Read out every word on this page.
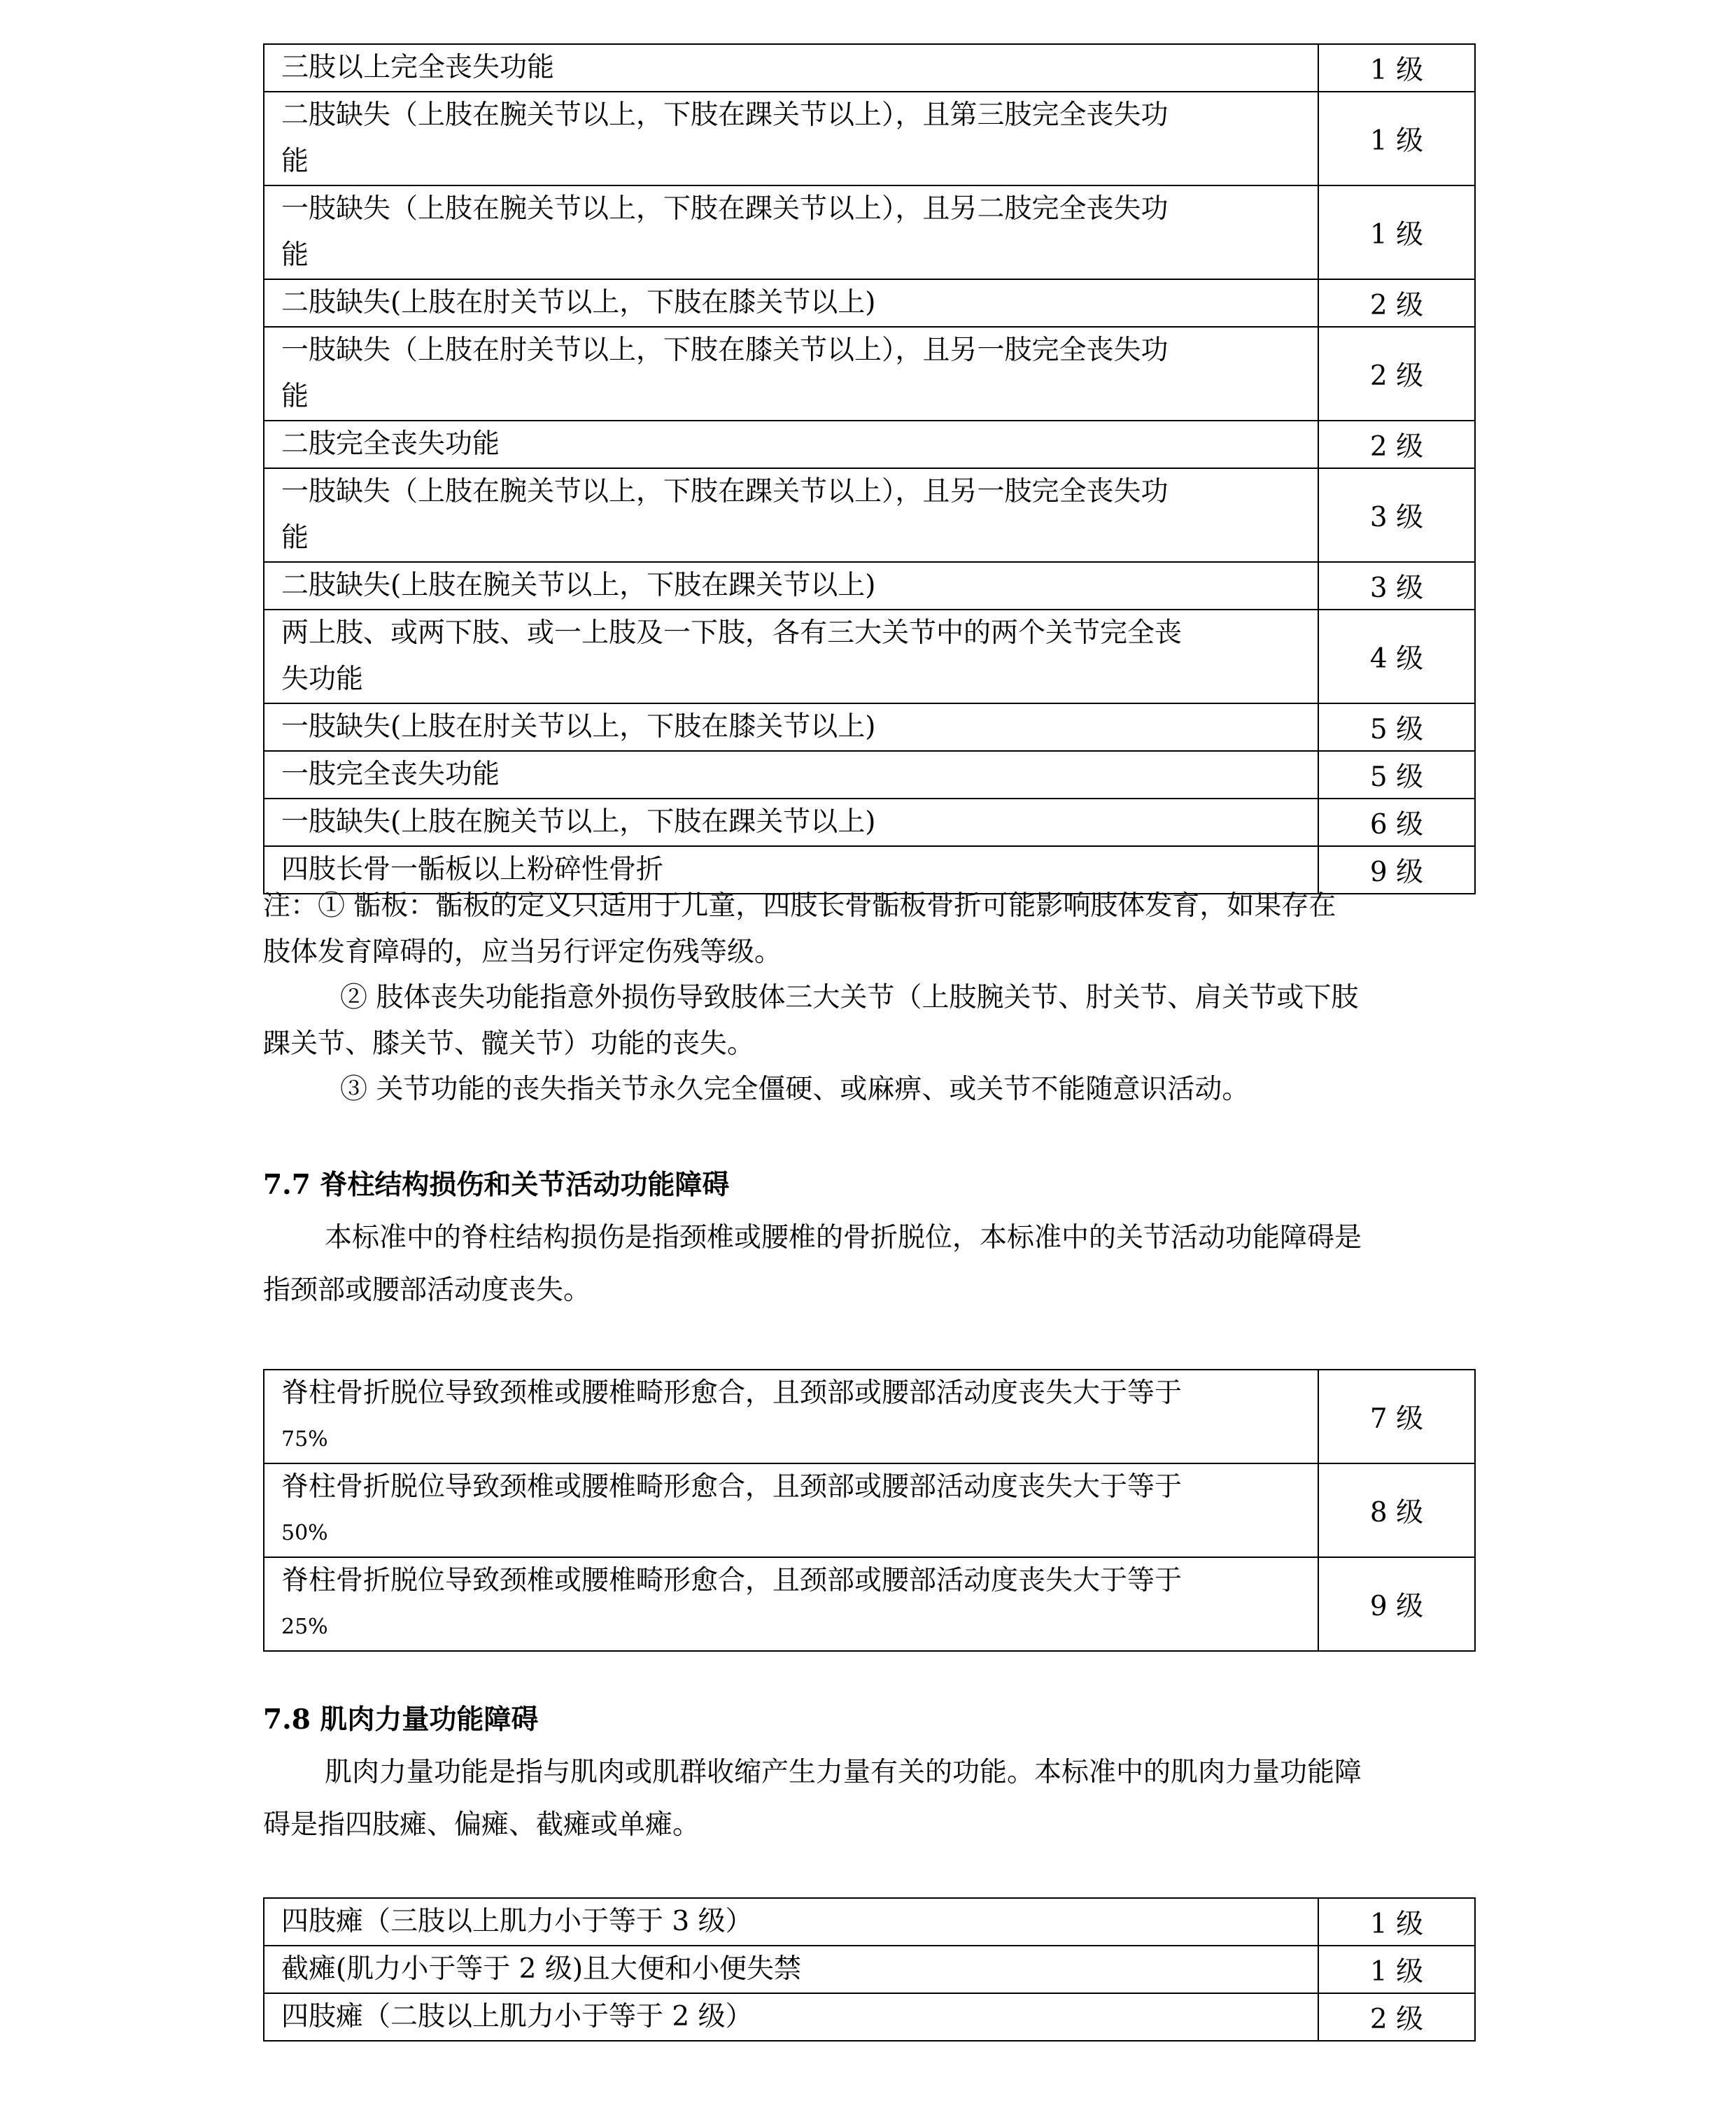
三肢以上完全丧失功能	1 级

二肢缺失（上肢在腕关节以上，下肢在踝关节以上），且第三肢完全丧失功
能	1 级

一肢缺失（上肢在腕关节以上，下肢在踝关节以上），且另二肢完全丧失功
能	1 级

二肢缺失(上肢在肘关节以上，下肢在膝关节以上)	2 级

一肢缺失（上肢在肘关节以上，下肢在膝关节以上），且另一肢完全丧失功
能	2 级

二肢完全丧失功能	2 级

一肢缺失（上肢在腕关节以上，下肢在踝关节以上），且另一肢完全丧失功
能	3 级

二肢缺失(上肢在腕关节以上，下肢在踝关节以上)	3 级

两上肢、或两下肢、或一上肢及一下肢，各有三大关节中的两个关节完全丧
失功能	4 级

一肢缺失(上肢在肘关节以上，下肢在膝关节以上)	5 级

一肢完全丧失功能	5 级

一肢缺失(上肢在腕关节以上，下肢在踝关节以上)	6 级

四肢长骨一骺板以上粉碎性骨折	9 级
注：① 骺板：骺板的定义只适用于儿童，四肢长骨骺板骨折可能影响肢体发育，如果存在
肢体发育障碍的，应当另行评定伤残等级。
② 肢体丧失功能指意外损伤导致肢体三大关节（上肢腕关节、肘关节、肩关节或下肢
踝关节、膝关节、髋关节）功能的丧失。
③ 关节功能的丧失指关节永久完全僵硬、或麻痹、或关节不能随意识活动。
7.7 脊柱结构损伤和关节活动功能障碍
本标准中的脊柱结构损伤是指颈椎或腰椎的骨折脱位，本标准中的关节活动功能障碍是
指颈部或腰部活动度丧失。
脊柱骨折脱位导致颈椎或腰椎畸形愈合，且颈部或腰部活动度丧失大于等于
75%	7 级

脊柱骨折脱位导致颈椎或腰椎畸形愈合，且颈部或腰部活动度丧失大于等于
50%	8 级

脊柱骨折脱位导致颈椎或腰椎畸形愈合，且颈部或腰部活动度丧失大于等于
25%	9 级
7.8 肌肉力量功能障碍
肌肉力量功能是指与肌肉或肌群收缩产生力量有关的功能。本标准中的肌肉力量功能障
碍是指四肢瘫、偏瘫、截瘫或单瘫。
四肢瘫（三肢以上肌力小于等于 3 级）	1 级

截瘫(肌力小于等于 2 级)且大便和小便失禁	1 级

四肢瘫（二肢以上肌力小于等于 2 级）	2 级
